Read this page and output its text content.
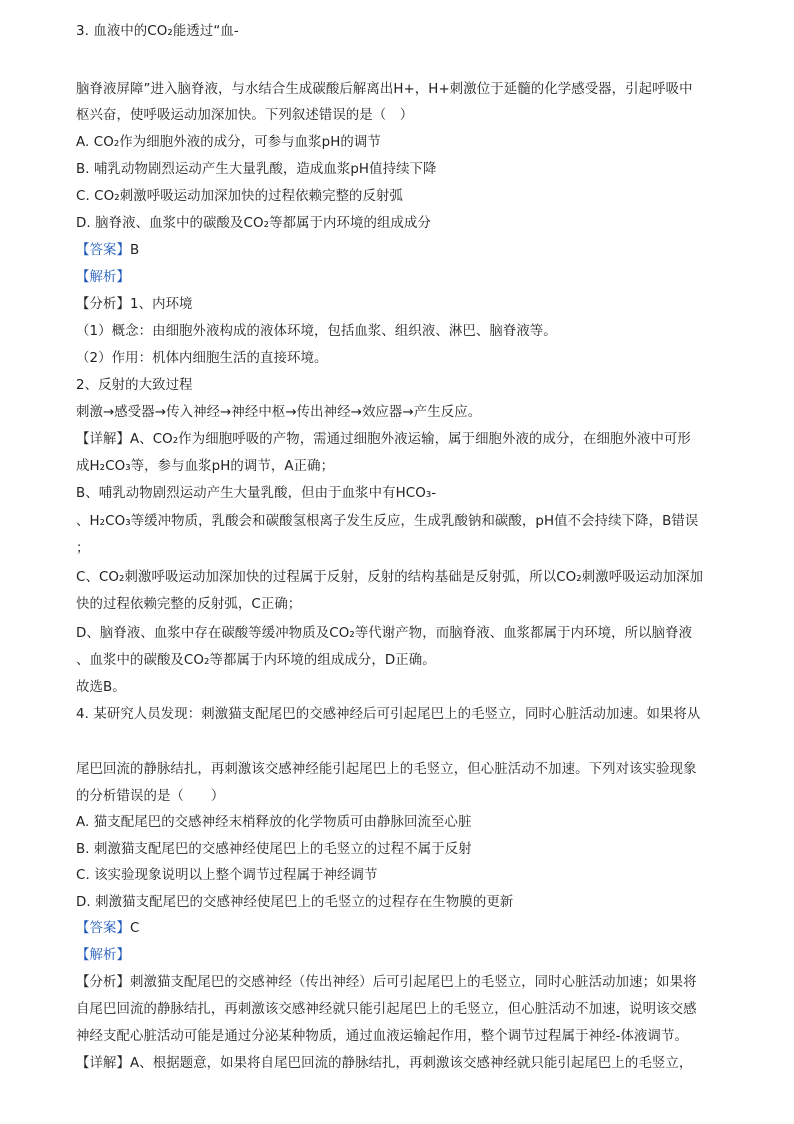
3. 血液中的CO₂能透过“血-
脑脊液屏障”进入脑脊液，与水结合生成碳酸后解离出H+，H+刺激位于延髓的化学感受器，引起呼吸中
枢兴奋，使呼吸运动加深加快。下列叙述错误的是（　）
A. CO₂作为细胞外液的成分，可参与血浆pH的调节
B. 哺乳动物剧烈运动产生大量乳酸，造成血浆pH值持续下降
C. CO₂刺激呼吸运动加深加快的过程依赖完整的反射弧
D. 脑脊液、血浆中的碳酸及CO₂等都属于内环境的组成成分
【答案】B
【解析】
【分析】1、内环境
（1）概念：由细胞外液构成的液体环境，包括血浆、组织液、淋巴、脑脊液等。
（2）作用：机体内细胞生活的直接环境。
2、反射的大致过程
刺激→感受器→传入神经→神经中枢→传出神经→效应器→产生反应。
【详解】A、CO₂作为细胞呼吸的产物，需通过细胞外液运输，属于细胞外液的成分，在细胞外液中可形
成H₂CO₃等，参与血浆pH的调节，A正确；
B、哺乳动物剧烈运动产生大量乳酸，但由于血浆中有HCO₃-
、H₂CO₃等缓冲物质，乳酸会和碳酸氢根离子发生反应，生成乳酸钠和碳酸，pH值不会持续下降，B错误
；
C、CO₂刺激呼吸运动加深加快的过程属于反射，反射的结构基础是反射弧，所以CO₂刺激呼吸运动加深加
快的过程依赖完整的反射弧，C正确；
D、脑脊液、血浆中存在碳酸等缓冲物质及CO₂等代谢产物，而脑脊液、血浆都属于内环境，所以脑脊液
、血浆中的碳酸及CO₂等都属于内环境的组成成分，D正确。
故选B。
4. 某研究人员发现：刺激猫支配尾巴的交感神经后可引起尾巴上的毛竖立，同时心脏活动加速。如果将从
尾巴回流的静脉结扎，再刺激该交感神经能引起尾巴上的毛竖立，但心脏活动不加速。下列对该实验现象
的分析错误的是（　　）
A. 猫支配尾巴的交感神经末梢释放的化学物质可由静脉回流至心脏
B. 刺激猫支配尾巴的交感神经使尾巴上的毛竖立的过程不属于反射
C. 该实验现象说明以上整个调节过程属于神经调节
D. 刺激猫支配尾巴的交感神经使尾巴上的毛竖立的过程存在生物膜的更新
【答案】C
【解析】
【分析】刺激猫支配尾巴的交感神经（传出神经）后可引起尾巴上的毛竖立，同时心脏活动加速；如果将
自尾巴回流的静脉结扎，再刺激该交感神经就只能引起尾巴上的毛竖立，但心脏活动不加速，说明该交感
神经支配心脏活动可能是通过分泌某种物质，通过血液运输起作用，整个调节过程属于神经-体液调节。
【详解】A、根据题意，如果将自尾巴回流的静脉结扎，再刺激该交感神经就只能引起尾巴上的毛竖立，
